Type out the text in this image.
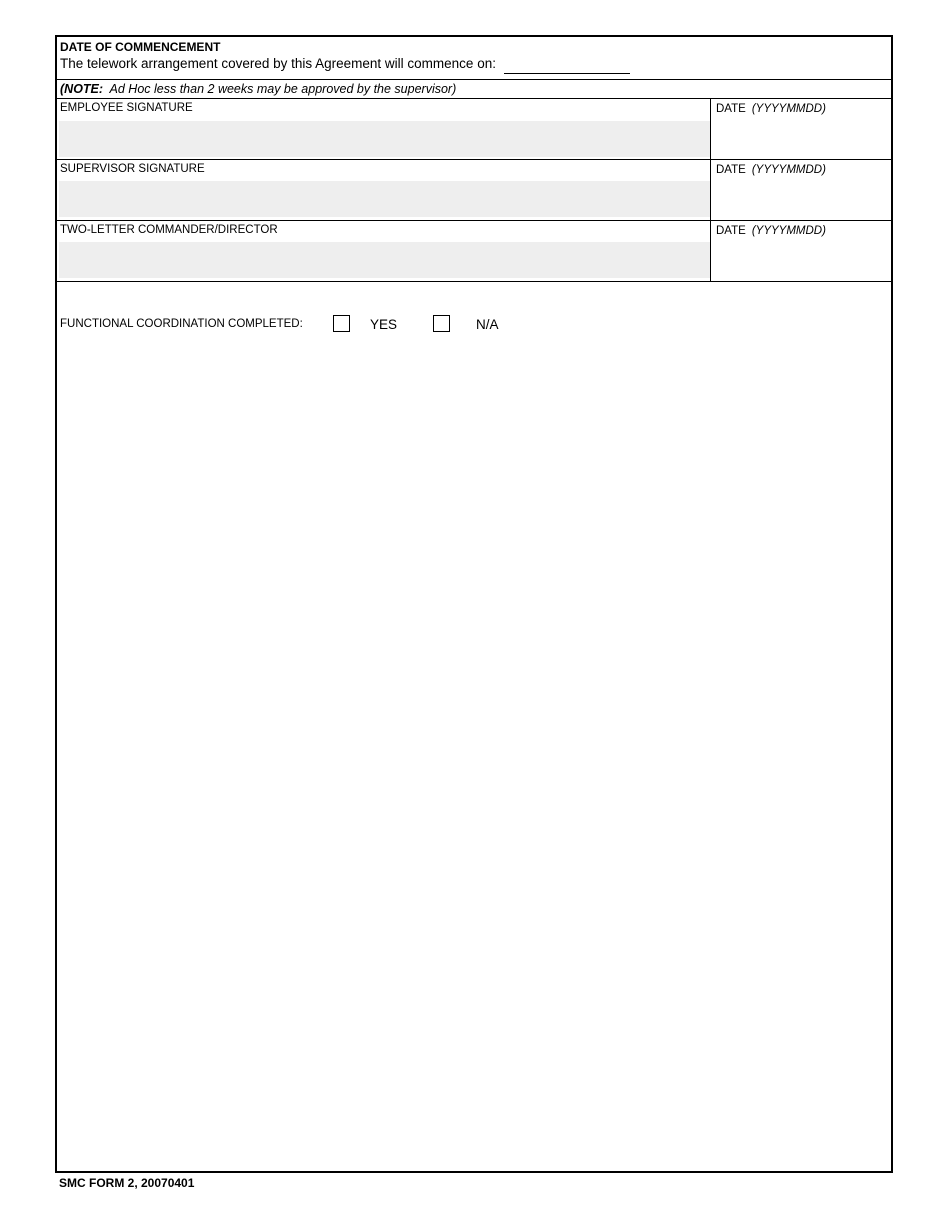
DATE OF COMMENCEMENT
The telework arrangement covered by this Agreement will commence on:
(NOTE: Ad Hoc less than 2 weeks may be approved by the supervisor)
EMPLOYEE SIGNATURE	DATE (YYYYMMDD)
SUPERVISOR SIGNATURE	DATE (YYYYMMDD)
TWO-LETTER COMMANDER/DIRECTOR	DATE (YYYYMMDD)
FUNCTIONAL COORDINATION COMPLETED:	YES	N/A
SMC FORM 2, 20070401
